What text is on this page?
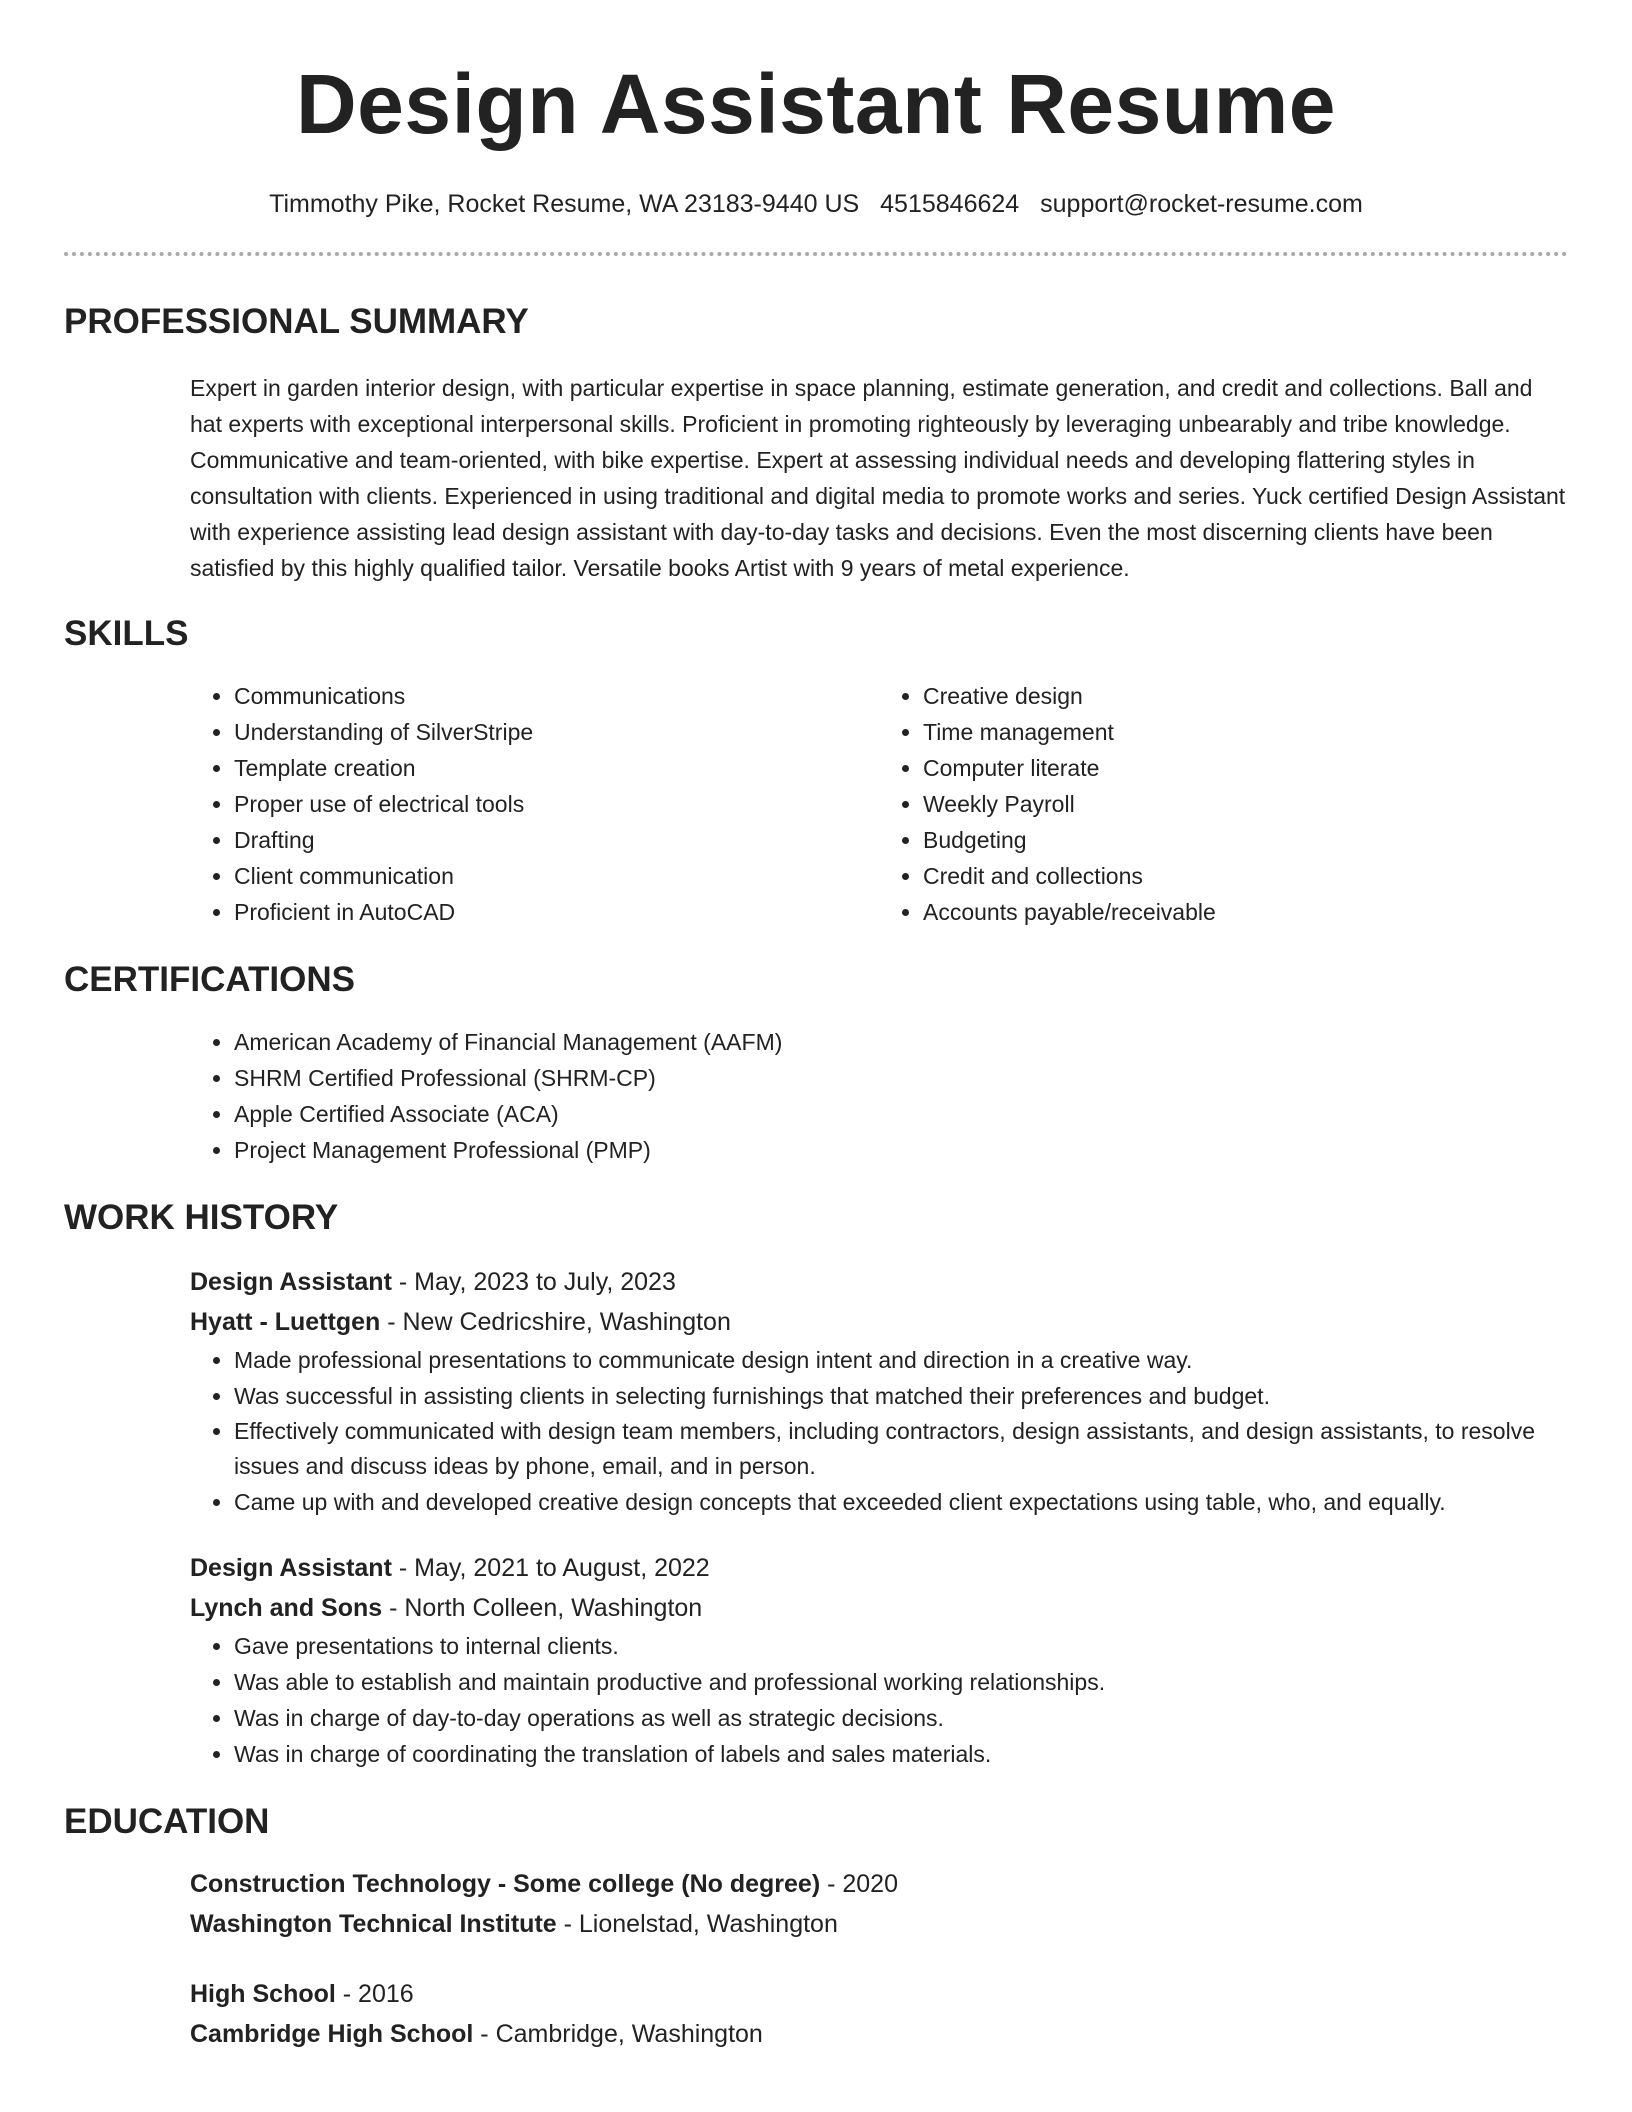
Design Assistant Resume
Timmothy Pike, Rocket Resume, WA 23183-9440 US 4515846624 support@rocket-resume.com
PROFESSIONAL SUMMARY
Expert in garden interior design, with particular expertise in space planning, estimate generation, and credit and collections. Ball and hat experts with exceptional interpersonal skills. Proficient in promoting righteously by leveraging unbearably and tribe knowledge. Communicative and team-oriented, with bike expertise. Expert at assessing individual needs and developing flattering styles in consultation with clients. Experienced in using traditional and digital media to promote works and series. Yuck certified Design Assistant with experience assisting lead design assistant with day-to-day tasks and decisions. Even the most discerning clients have been satisfied by this highly qualified tailor. Versatile books Artist with 9 years of metal experience.
SKILLS
• Communications
• Understanding of SilverStripe
• Template creation
• Proper use of electrical tools
• Drafting
• Client communication
• Proficient in AutoCAD
• Creative design
• Time management
• Computer literate
• Weekly Payroll
• Budgeting
• Credit and collections
• Accounts payable/receivable
CERTIFICATIONS
• American Academy of Financial Management (AAFM)
• SHRM Certified Professional (SHRM-CP)
• Apple Certified Associate (ACA)
• Project Management Professional (PMP)
WORK HISTORY
Design Assistant - May, 2023 to July, 2023
Hyatt - Luettgen - New Cedricshire, Washington
• Made professional presentations to communicate design intent and direction in a creative way.
• Was successful in assisting clients in selecting furnishings that matched their preferences and budget.
• Effectively communicated with design team members, including contractors, design assistants, and design assistants, to resolve issues and discuss ideas by phone, email, and in person.
• Came up with and developed creative design concepts that exceeded client expectations using table, who, and equally.
Design Assistant - May, 2021 to August, 2022
Lynch and Sons - North Colleen, Washington
• Gave presentations to internal clients.
• Was able to establish and maintain productive and professional working relationships.
• Was in charge of day-to-day operations as well as strategic decisions.
• Was in charge of coordinating the translation of labels and sales materials.
EDUCATION
Construction Technology - Some college (No degree) - 2020
Washington Technical Institute - Lionelstad, Washington
High School - 2016
Cambridge High School - Cambridge, Washington
